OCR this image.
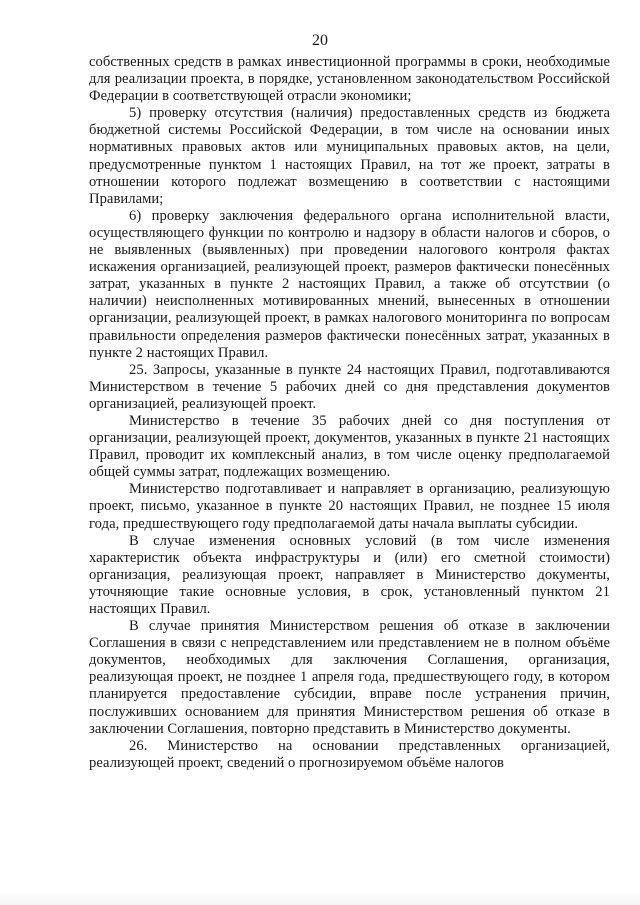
20

собственных средств в рамках инвестиционной программы в сроки, необходимые для реализации проекта, в порядке, установленном законодательством Российской Федерации в соответствующей отрасли экономики;

5) проверку отсутствия (наличия) предоставленных средств из бюджета бюджетной системы Российской Федерации, в том числе на основании иных нормативных правовых актов или муниципальных правовых актов, на цели, предусмотренные пунктом 1 настоящих Правил, на тот же проект, затраты в отношении которого подлежат возмещению в соответствии с настоящими Правилами;

6) проверку заключения федерального органа исполнительной власти, осуществляющего функции по контролю и надзору в области налогов и сборов, о не выявленных (выявленных) при проведении налогового контроля фактах искажения организацией, реализующей проект, размеров фактически понесённых затрат, указанных в пункте 2 настоящих Правил, а также об отсутствии (о наличии) неисполненных мотивированных мнений, вынесенных в отношении организации, реализующей проект, в рамках налогового мониторинга по вопросам правильности определения размеров фактически понесённых затрат, указанных в пункте 2 настоящих Правил.

25. Запросы, указанные в пункте 24 настоящих Правил, подготавливаются Министерством в течение 5 рабочих дней со дня представления документов организацией, реализующей проект.

Министерство в течение 35 рабочих дней со дня поступления от организации, реализующей проект, документов, указанных в пункте 21 настоящих Правил, проводит их комплексный анализ, в том числе оценку предполагаемой общей суммы затрат, подлежащих возмещению.

Министерство подготавливает и направляет в организацию, реализующую проект, письмо, указанное в пункте 20 настоящих Правил, не позднее 15 июля года, предшествующего году предполагаемой даты начала выплаты субсидии.

В случае изменения основных условий (в том числе изменения характеристик объекта инфраструктуры и (или) его сметной стоимости) организация, реализующая проект, направляет в Министерство документы, уточняющие такие основные условия, в срок, установленный пунктом 21 настоящих Правил.

В случае принятия Министерством решения об отказе в заключении Соглашения в связи с непредставлением или представлением не в полном объёме документов, необходимых для заключения Соглашения, организация, реализующая проект, не позднее 1 апреля года, предшествующего году, в котором планируется предоставление субсидии, вправе после устранения причин, послуживших основанием для принятия Министерством решения об отказе в заключении Соглашения, повторно представить в Министерство документы.

26. Министерство на основании представленных организацией, реализующей проект, сведений о прогнозируемом объёме налогов
